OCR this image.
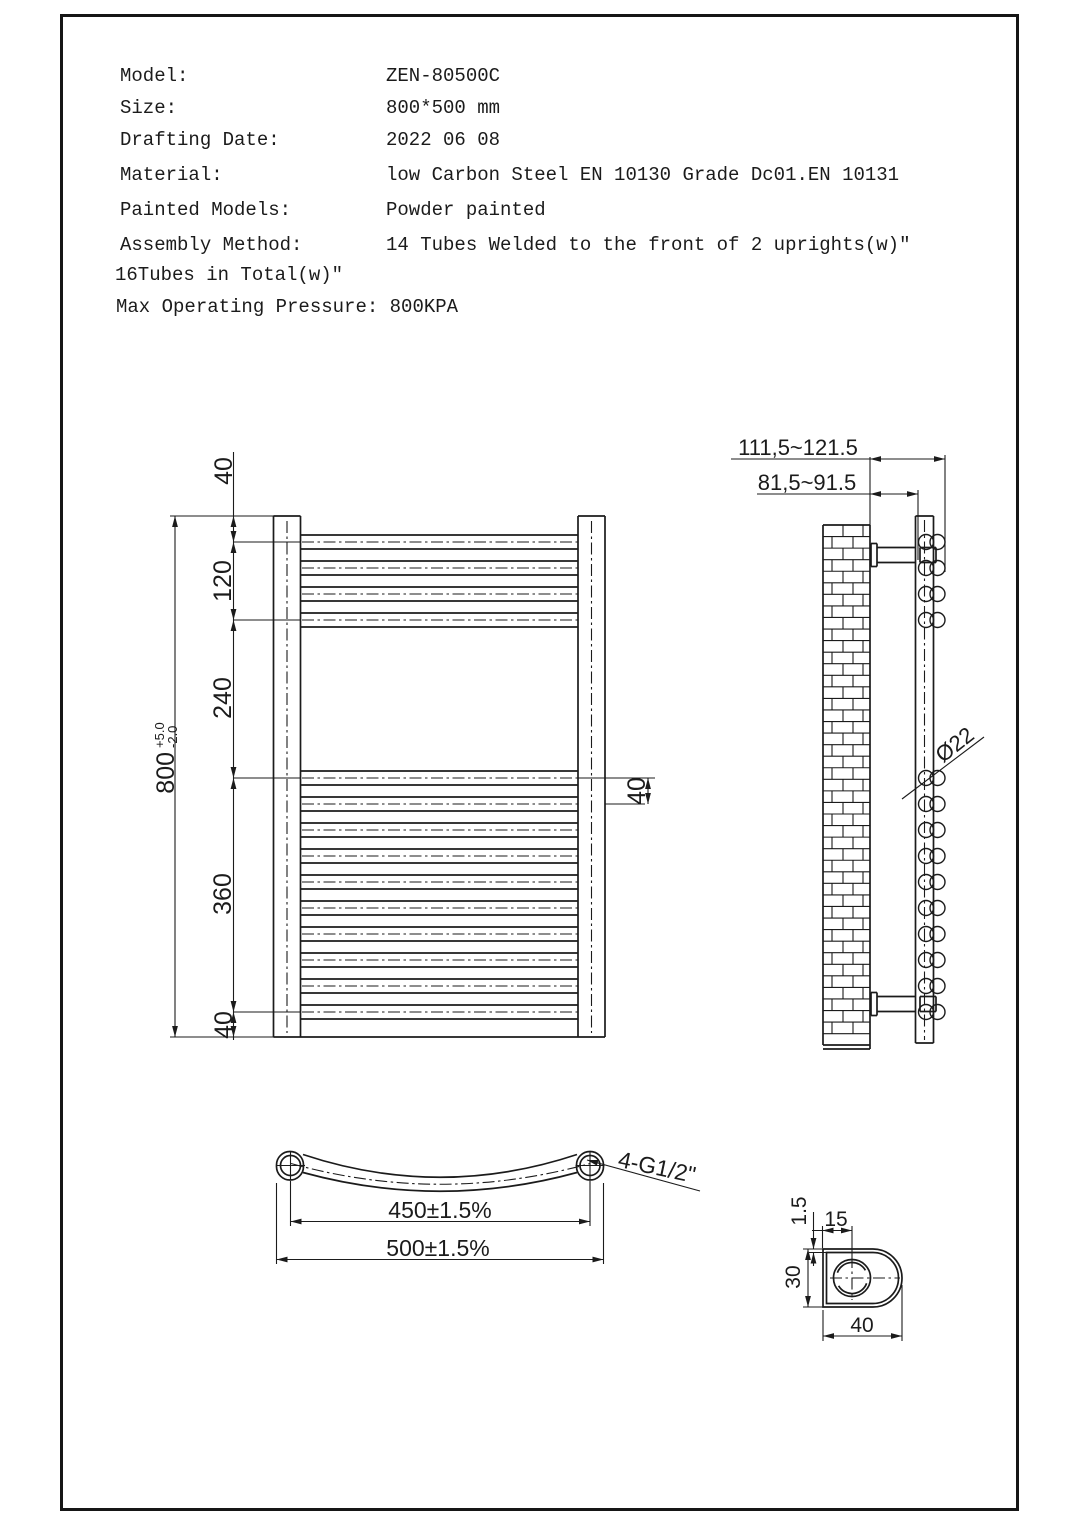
Model:	ZEN-80500C
Size:	800*500 mm
Drafting Date:	2022 06 08
Material:	low Carbon Steel EN 10130 Grade Dc01.EN 10131
Painted Models:	Powder painted
Assembly Method:	14 Tubes Welded to the front of 2 uprights(w)"
16Tubes in Total(w)"
Max Operating Pressure: 800KPA
40
120
240
360
40
800
+5.0
-2.0
40
111,5~121.5
81,5~91.5
Ø22
450±1.5%
500±1.5%
4-G1/2"
1.5 15
30
40
